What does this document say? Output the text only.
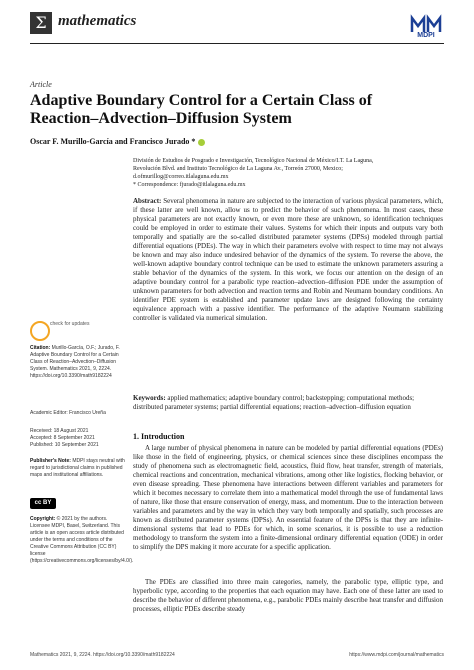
Σ mathematics
MDPI
Article
Adaptive Boundary Control for a Certain Class of Reaction–Advection–Diffusion System
Oscar F. Murillo-García and Francisco Jurado *
División de Estudios de Posgrado e Investigación, Tecnológico Nacional de México/I.T. La Laguna,
Revolución Blvd. and Instituto Tecnológico de La Laguna Av., Torreón 27000, Mexico;
d.ofmurillog@correo.itlalaguna.edu.mx
* Correspondence: fjurado@itlalaguna.edu.mx
Abstract: Several phenomena in nature are subjected to the interaction of various physical parameters, which, if these latter are well known, allow us to predict the behavior of such phenomena. In most cases, these physical parameters are not exactly known, or even more these are unknown, so identification techniques could be employed in order to estimate their values. Systems for which their inputs and outputs vary both temporally and spatially are the so-called distributed parameter systems (DPSs) modeled through partial differential equations (PDEs). The way in which their parameters evolve with respect to time may not always be known and may also induce undesired behavior of the dynamics of the system. To reverse the above, the well-known adaptive boundary control technique can be used to estimate the unknown parameters assuring a stable behavior of the dynamics of the system. In this work, we focus our attention on the design of an adaptive boundary control for a parabolic type reaction–advection–diffusion PDE under the assumption of unknown parameters for both advection and reaction terms and Robin and Neumann boundary conditions. An identifier PDE system is established and parameter update laws are designed following the certainty equivalence approach with a passive identifier. The performance of the adaptive Neumann stabilizing controller is validated via numerical simulation.
Keywords: applied mathematics; adaptive boundary control; backstepping; computational methods; distributed parameter systems; partial differential equations; reaction–advection–diffusion equation
check for updates
Citation: Murillo-García, O.F.; Jurado, F. Adaptive Boundary Control for a Certain Class of Reaction–Advection–Diffusion System. Mathematics 2021, 9, 2224. https://doi.org/10.3390/math9182224
Academic Editor: Francisco Ureña
Received: 18 August 2021
Accepted: 8 September 2021
Published: 10 September 2021
Publisher's Note: MDPI stays neutral with regard to jurisdictional claims in published maps and institutional affiliations.
cc BY
Copyright: © 2021 by the authors. Licensee MDPI, Basel, Switzerland. This article is an open access article distributed under the terms and conditions of the Creative Commons Attribution (CC BY) license (https://creativecommons.org/licenses/by/4.0/).
1. Introduction
A large number of physical phenomena in nature can be modeled by partial differential equations (PDEs) like those in the field of engineering, physics, or chemical sciences since these disciplines encompass the study of phenomena such as electromagnetic field, acoustics, fluid flow, heat transfer, strength of materials, chemical reactions and concentration, mechanical vibrations, among other like logistics, flocking behavior, or even disease spreading. These phenomena have interactions between different variables and parameters for which it becomes necessary to correlate them into a mathematical model through the use of fundamental laws of nature, like those that ensure conservation of energy, mass, and momentum. Due to the interaction between variables and parameters and by the way in which they vary both temporally and spatially, such processes are known as distributed parameter systems (DPSs). An essential feature of the DPSs is that they are infinite-dimensional systems that lead to PDEs for which, in some scenarios, it is possible to use a reduction methodology to transform the system into a finite-dimensional ordinary differential equation (ODE) in order to simplify the DPS making it more accurate for a specific application.
The PDEs are classified into three main categories, namely, the parabolic type, elliptic type, and hyperbolic type, according to the properties that each equation may have. Each one of these latter are used to describe the behavior of different phenomena, e.g., parabolic PDEs mainly describe heat transfer and diffusion processes, elliptic PDEs describe steady
Mathematics 2021, 9, 2224. https://doi.org/10.3390/math9182224	https://www.mdpi.com/journal/mathematics
